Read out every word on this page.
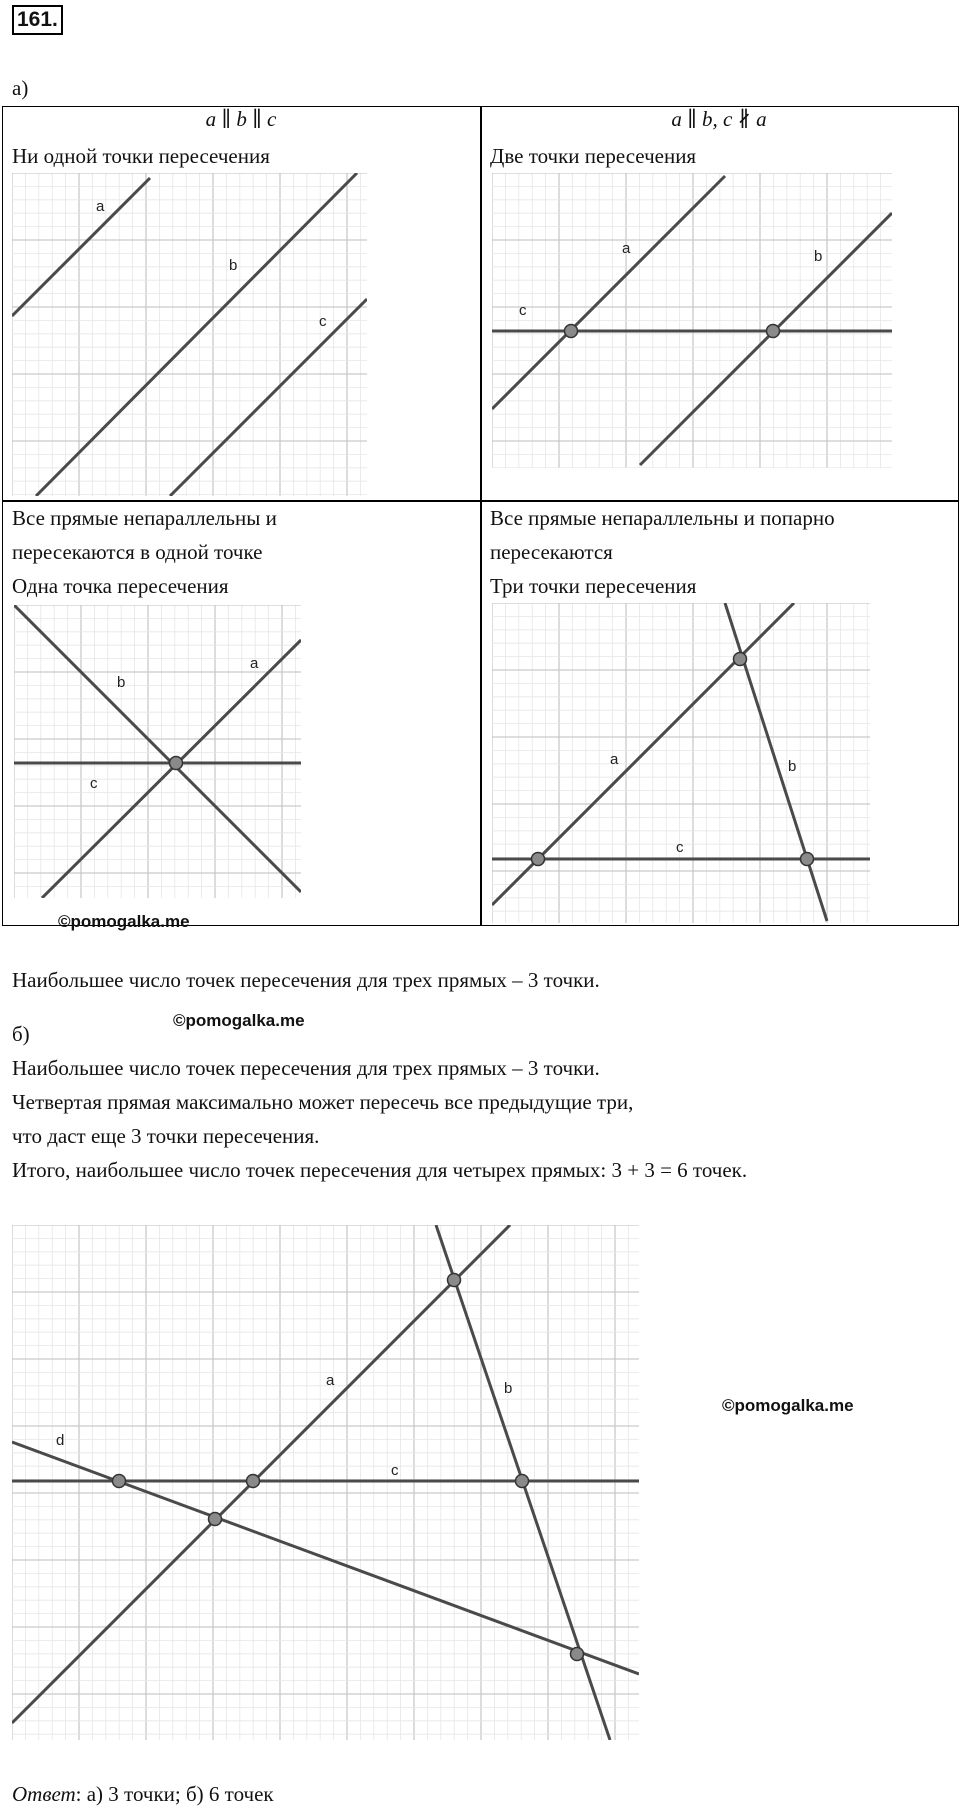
161.
а)
a ∥ b ∥ c
Ни одной точки пересечения
a
b
c
a ∥ b, c ∦ a
Две точки пересечения
a	b
c
Все прямые непараллельны и
пересекаются в одной точке
Одна точка пересечения
a
b
c
©pomogalka.me
Все прямые непараллельны и попарно
пересекаются
Три точки пересечения
a	b
c
Наибольшее число точек пересечения для трех прямых – 3 точки.
б)
©pomogalka.me
Наибольшее число точек пересечения для трех прямых – 3 точки.
Четвертая прямая максимально может пересечь все предыдущие три,
что даст еще 3 точки пересечения.
Итого, наибольшее число точек пересечения для четырех прямых: 3 + 3 = 6 точек.
a	b
c
d
©pomogalka.me
Ответ: а) 3 точки; б) 6 точек
